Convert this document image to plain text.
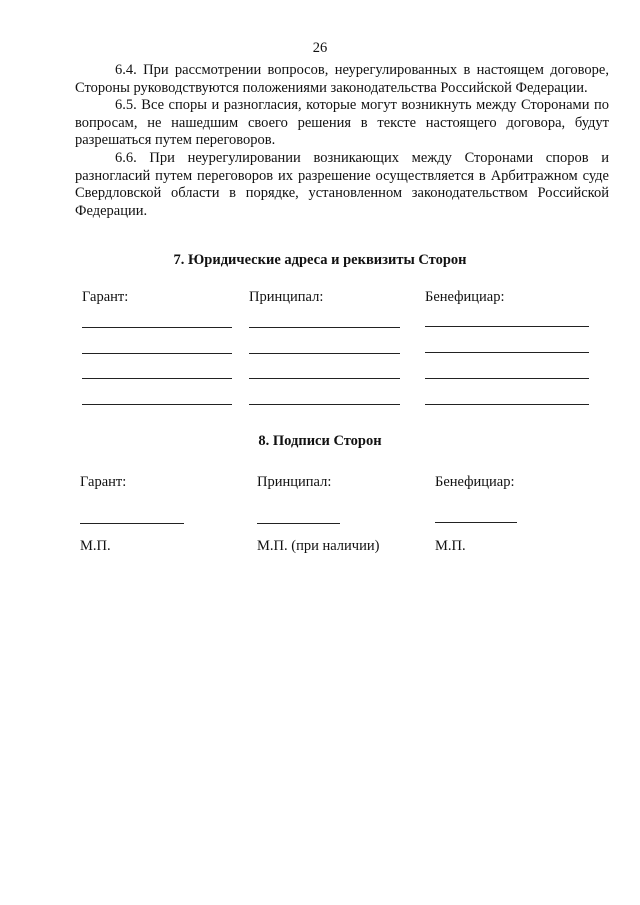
26

6.4. При рассмотрении вопросов, неурегулированных в настоящем договоре, Стороны руководствуются положениями законодательства Российской Федерации.

6.5. Все споры и разногласия, которые могут возникнуть между Сторонами по вопросам, не нашедшим своего решения в тексте настоящего договора, будут разрешаться путем переговоров.

6.6. При неурегулировании возникающих между Сторонами споров и разногласий путем переговоров их разрешение осуществляется в Арбитражном суде Свердловской области в порядке, установленном законодательством Российской Федерации.

7. Юридические адреса и реквизиты Сторон
Гарант:	Принципал:	Бенефициар:
8. Подписи Сторон
Гарант:	Принципал:	Бенефициар:
М.П.	М.П. (при наличии)	М.П.
